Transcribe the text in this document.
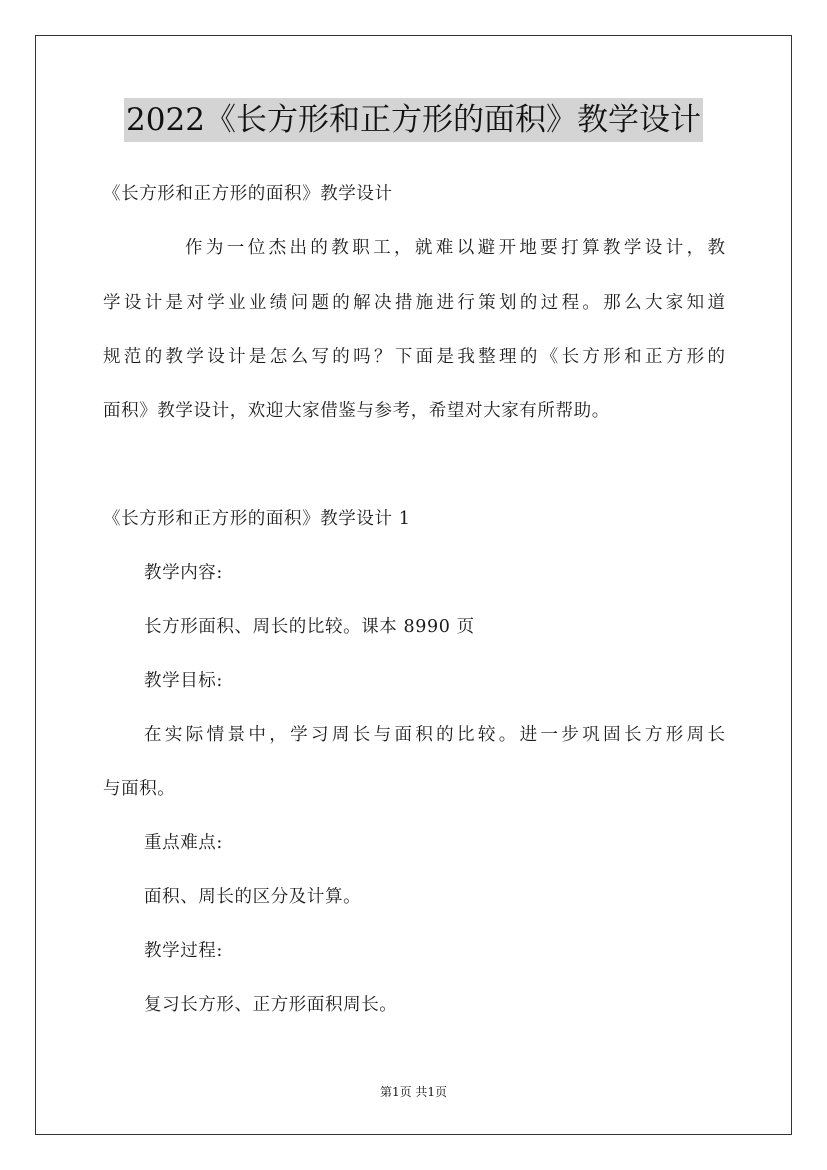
2022《长方形和正方形的面积》教学设计
《长方形和正方形的面积》教学设计
作为一位杰出的教职工，就难以避开地要打算教学设计，教
学设计是对学业业绩问题的解决措施进行策划的过程。那么大家知道
规范的教学设计是怎么写的吗？下面是我整理的《长方形和正方形的
面积》教学设计，欢迎大家借鉴与参考，希望对大家有所帮助。
《长方形和正方形的面积》教学设计 1
教学内容:
长方形面积、周长的比较。课本 8990 页
教学目标:
在实际情景中，学习周长与面积的比较。进一步巩固长方形周长
与面积。
重点难点:
面积、周长的区分及计算。
教学过程:
复习长方形、正方形面积周长。
第1页 共1页
